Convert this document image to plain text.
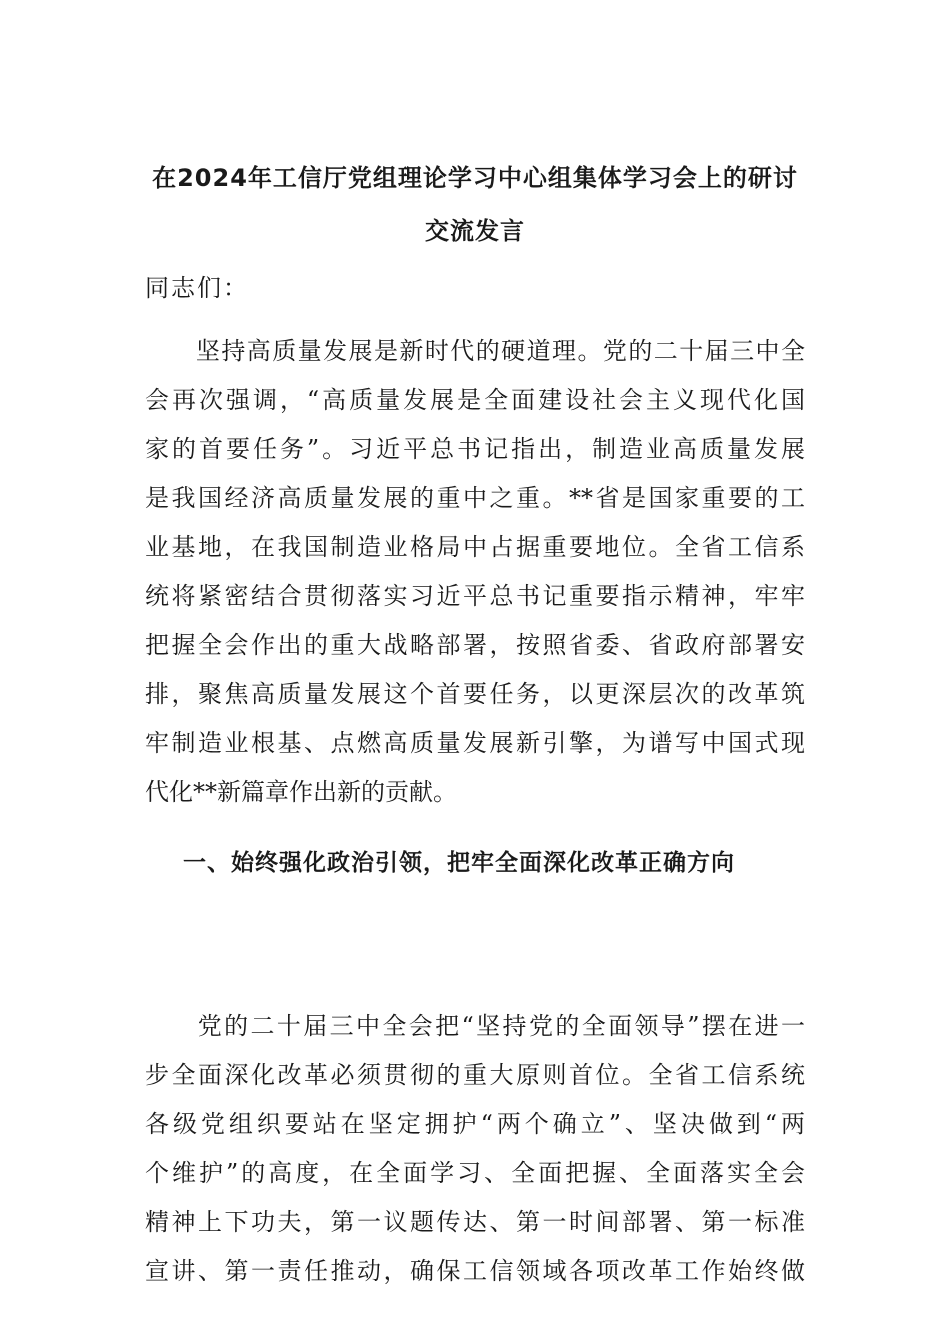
在2024年工信厅党组理论学习中心组集体学习会上的研讨
交流发言
同志们：
　　坚持高质量发展是新时代的硬道理。党的二十届三中全
会再次强调，“高质量发展是全面建设社会主义现代化国
家的首要任务”。习近平总书记指出，制造业高质量发展
是我国经济高质量发展的重中之重。**省是国家重要的工
业基地，在我国制造业格局中占据重要地位。全省工信系
统将紧密结合贯彻落实习近平总书记重要指示精神，牢牢
把握全会作出的重大战略部署，按照省委、省政府部署安
排，聚焦高质量发展这个首要任务，以更深层次的改革筑
牢制造业根基、点燃高质量发展新引擎，为谱写中国式现
代化**新篇章作出新的贡献。
一、始终强化政治引领，把牢全面深化改革正确方向
　　党的二十届三中全会把“坚持党的全面领导”摆在进一
步全面深化改革必须贯彻的重大原则首位。全省工信系统
各级党组织要站在坚定拥护“两个确立”、坚决做到“两
个维护”的高度，在全面学习、全面把握、全面落实全会
精神上下功夫，第一议题传达、第一时间部署、第一标准
宣讲、第一责任推动，确保工信领域各项改革工作始终做
